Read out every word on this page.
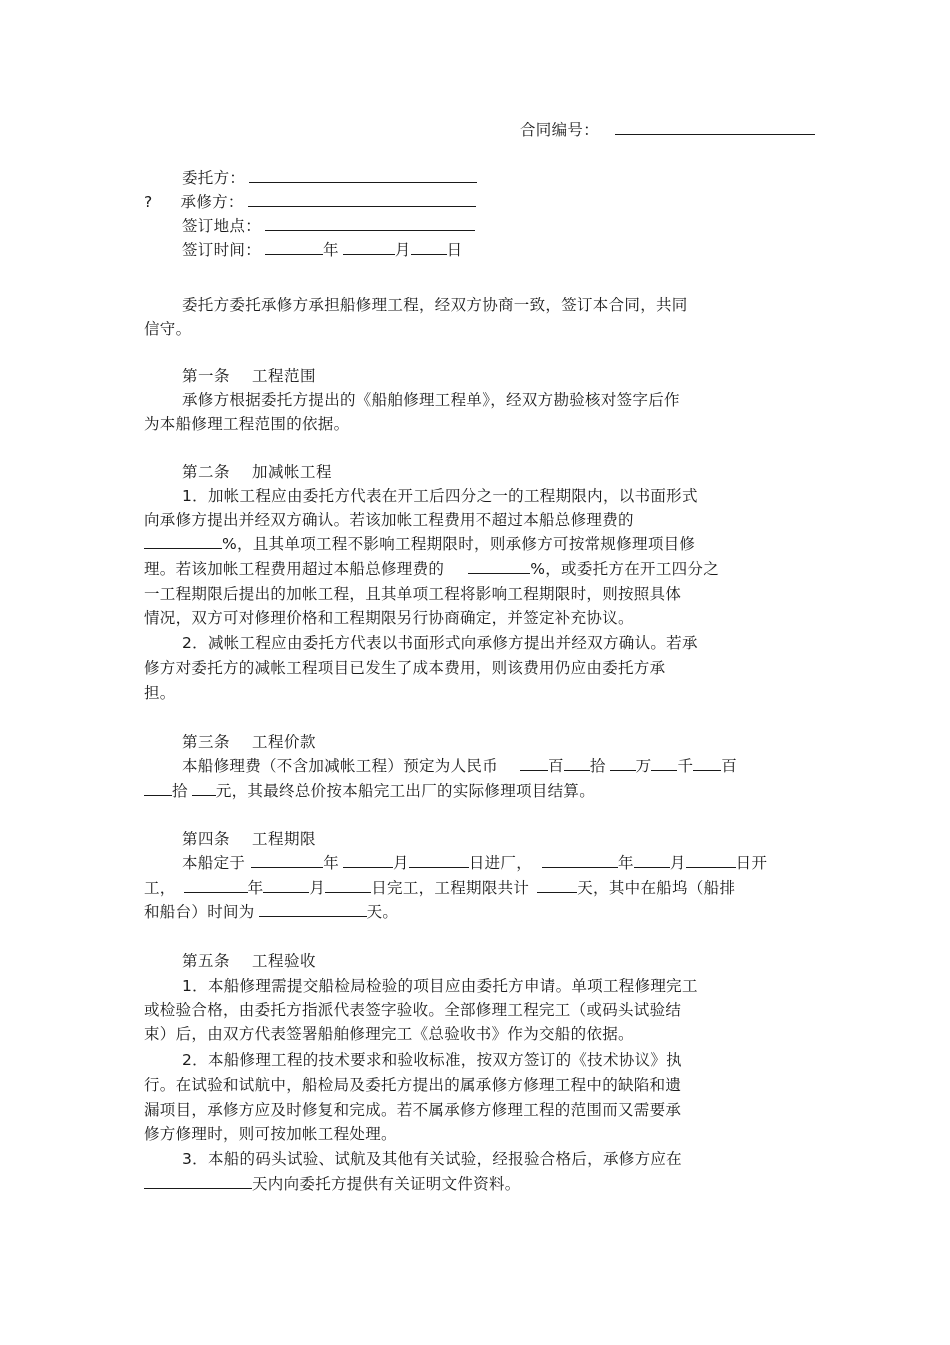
合同编号：
委托方：
? 承修方：
签订地点：
签订时间：	年	月 日
委托方委托承修方承担船修理工程，经双方协商一致，签订本合同，共同
信守。
第一条 工程范围
承修方根据委托方提出的《船舶修理工程单》，经双方勘验核对签字后作
为本船修理工程范围的依据。
第二条 加减帐工程
1．加帐工程应由委托方代表在开工后四分之一的工程期限内，以书面形式
向承修方提出并经双方确认。若该加帐工程费用不超过本船总修理费的
%，且其单项工程不影响工程期限时，则承修方可按常规修理项目修
理。若该加帐工程费用超过本船总修理费的	%，或委托方在开工四分之
一工程期限后提出的加帐工程，且其单项工程将影响工程期限时，则按照具体
情况，双方可对修理价格和工程期限另行协商确定，并签定补充协议。
2．减帐工程应由委托方代表以书面形式向承修方提出并经双方确认。若承
修方对委托方的减帐工程项目已发生了成本费用，则该费用仍应由委托方承
担。
第三条 工程价款
本船修理费（不含加减帐工程）预定为人民币	百 拾 万 千 百
拾 元，其最终总价按本船完工出厂的实际修理项目结算。
第四条 工程期限
本船定于	年	月	日进厂，	年 月	日开
工，	年	月	日完工，工程期限共计	天，其中在船坞（船排
和船台）时间为	天。
第五条 工程验收
1．本船修理需提交船检局检验的项目应由委托方申请。单项工程修理完工
或检验合格，由委托方指派代表签字验收。全部修理工程完工（或码头试验结
束）后，由双方代表签署船舶修理完工《总验收书》作为交船的依据。
2．本船修理工程的技术要求和验收标准，按双方签订的《技术协议》执
行。在试验和试航中，船检局及委托方提出的属承修方修理工程中的缺陷和遗
漏项目，承修方应及时修复和完成。若不属承修方修理工程的范围而又需要承
修方修理时，则可按加帐工程处理。
3．本船的码头试验、试航及其他有关试验，经报验合格后，承修方应在
天内向委托方提供有关证明文件资料。
